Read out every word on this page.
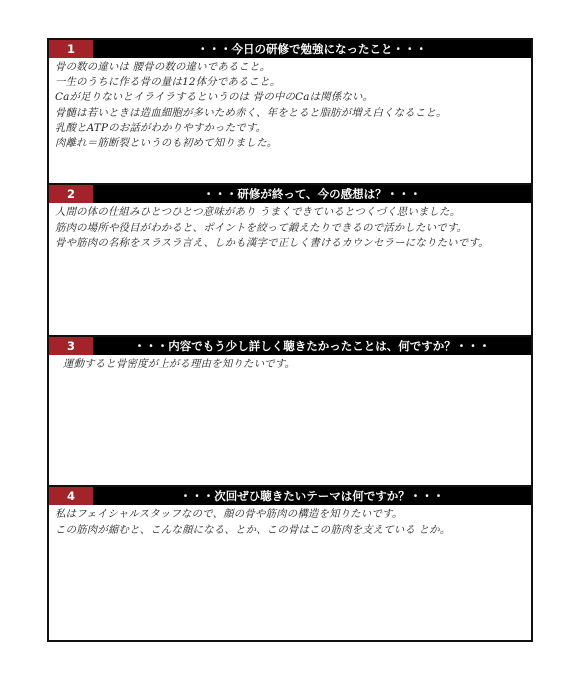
1	・・・今日の研修で勉強になったこと・・・
骨の数の違いは 腰骨の数の違いであること。
一生のうちに作る骨の量は12体分であること。
Caが足りないとイライラするというのは 骨の中のCaは関係ない。
骨髄は若いときは造血細胞が多いため赤く、年をとると脂肪が増え白くなること。
乳酸とATPのお話がわかりやすかったです。
肉離れ＝筋断裂というのも初めて知りました。
2	・・・研修が終って、今の感想は？・・・
人間の体の仕組みひとつひとつ意味があり うまくできているとつくづく思いました。
筋肉の場所や役目がわかると、ポイントを絞って鍛えたりできるので活かしたいです。
骨や筋肉の名称をスラスラ言え、しかも漢字で正しく書けるカウンセラーになりたいです。
3	・・・内容でもう少し詳しく聴きたかったことは、何ですか？・・・
運動すると骨密度が上がる理由を知りたいです。
4	・・・次回ぜひ聴きたいテーマは何ですか？・・・
私はフェイシャルスタッフなので、顔の骨や筋肉の構造を知りたいです。
この筋肉が縮むと、こんな顔になる、とか、この骨はこの筋肉を支えている とか。
